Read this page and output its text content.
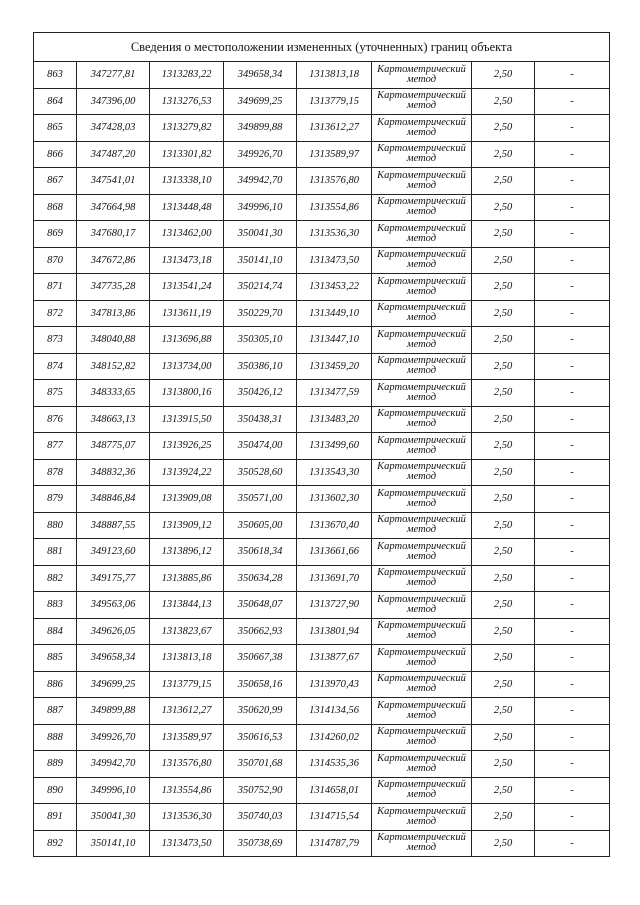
Сведения о местоположении измененных (уточненных) границ объекта							
863	347277,81	1313283,22	349658,34	1313813,18	Картометрический метод	2,50	-
864	347396,00	1313276,53	349699,25	1313779,15	Картометрический метод	2,50	-
865	347428,03	1313279,82	349899,88	1313612,27	Картометрический метод	2,50	-
866	347487,20	1313301,82	349926,70	1313589,97	Картометрический метод	2,50	-
867	347541,01	1313338,10	349942,70	1313576,80	Картометрический метод	2,50	-
868	347664,98	1313448,48	349996,10	1313554,86	Картометрический метод	2,50	-
869	347680,17	1313462,00	350041,30	1313536,30	Картометрический метод	2,50	-
870	347672,86	1313473,18	350141,10	1313473,50	Картометрический метод	2,50	-
871	347735,28	1313541,24	350214,74	1313453,22	Картометрический метод	2,50	-
872	347813,86	1313611,19	350229,70	1313449,10	Картометрический метод	2,50	-
873	348040,88	1313696,88	350305,10	1313447,10	Картометрический метод	2,50	-
874	348152,82	1313734,00	350386,10	1313459,20	Картометрический метод	2,50	-
875	348333,65	1313800,16	350426,12	1313477,59	Картометрический метод	2,50	-
876	348663,13	1313915,50	350438,31	1313483,20	Картометрический метод	2,50	-
877	348775,07	1313926,25	350474,00	1313499,60	Картометрический метод	2,50	-
878	348832,36	1313924,22	350528,60	1313543,30	Картометрический метод	2,50	-
879	348846,84	1313909,08	350571,00	1313602,30	Картометрический метод	2,50	-
880	348887,55	1313909,12	350605,00	1313670,40	Картометрический метод	2,50	-
881	349123,60	1313896,12	350618,34	1313661,66	Картометрический метод	2,50	-
882	349175,77	1313885,86	350634,28	1313691,70	Картометрический метод	2,50	-
883	349563,06	1313844,13	350648,07	1313727,90	Картометрический метод	2,50	-
884	349626,05	1313823,67	350662,93	1313801,94	Картометрический метод	2,50	-
885	349658,34	1313813,18	350667,38	1313877,67	Картометрический метод	2,50	-
886	349699,25	1313779,15	350658,16	1313970,43	Картометрический метод	2,50	-
887	349899,88	1313612,27	350620,99	1314134,56	Картометрический метод	2,50	-
888	349926,70	1313589,97	350616,53	1314260,02	Картометрический метод	2,50	-
889	349942,70	1313576,80	350701,68	1314535,36	Картометрический метод	2,50	-
890	349996,10	1313554,86	350752,90	1314658,01	Картометрический метод	2,50	-
891	350041,30	1313536,30	350740,03	1314715,54	Картометрический метод	2,50	-
892	350141,10	1313473,50	350738,69	1314787,79	Картометрический метод	2,50	-
